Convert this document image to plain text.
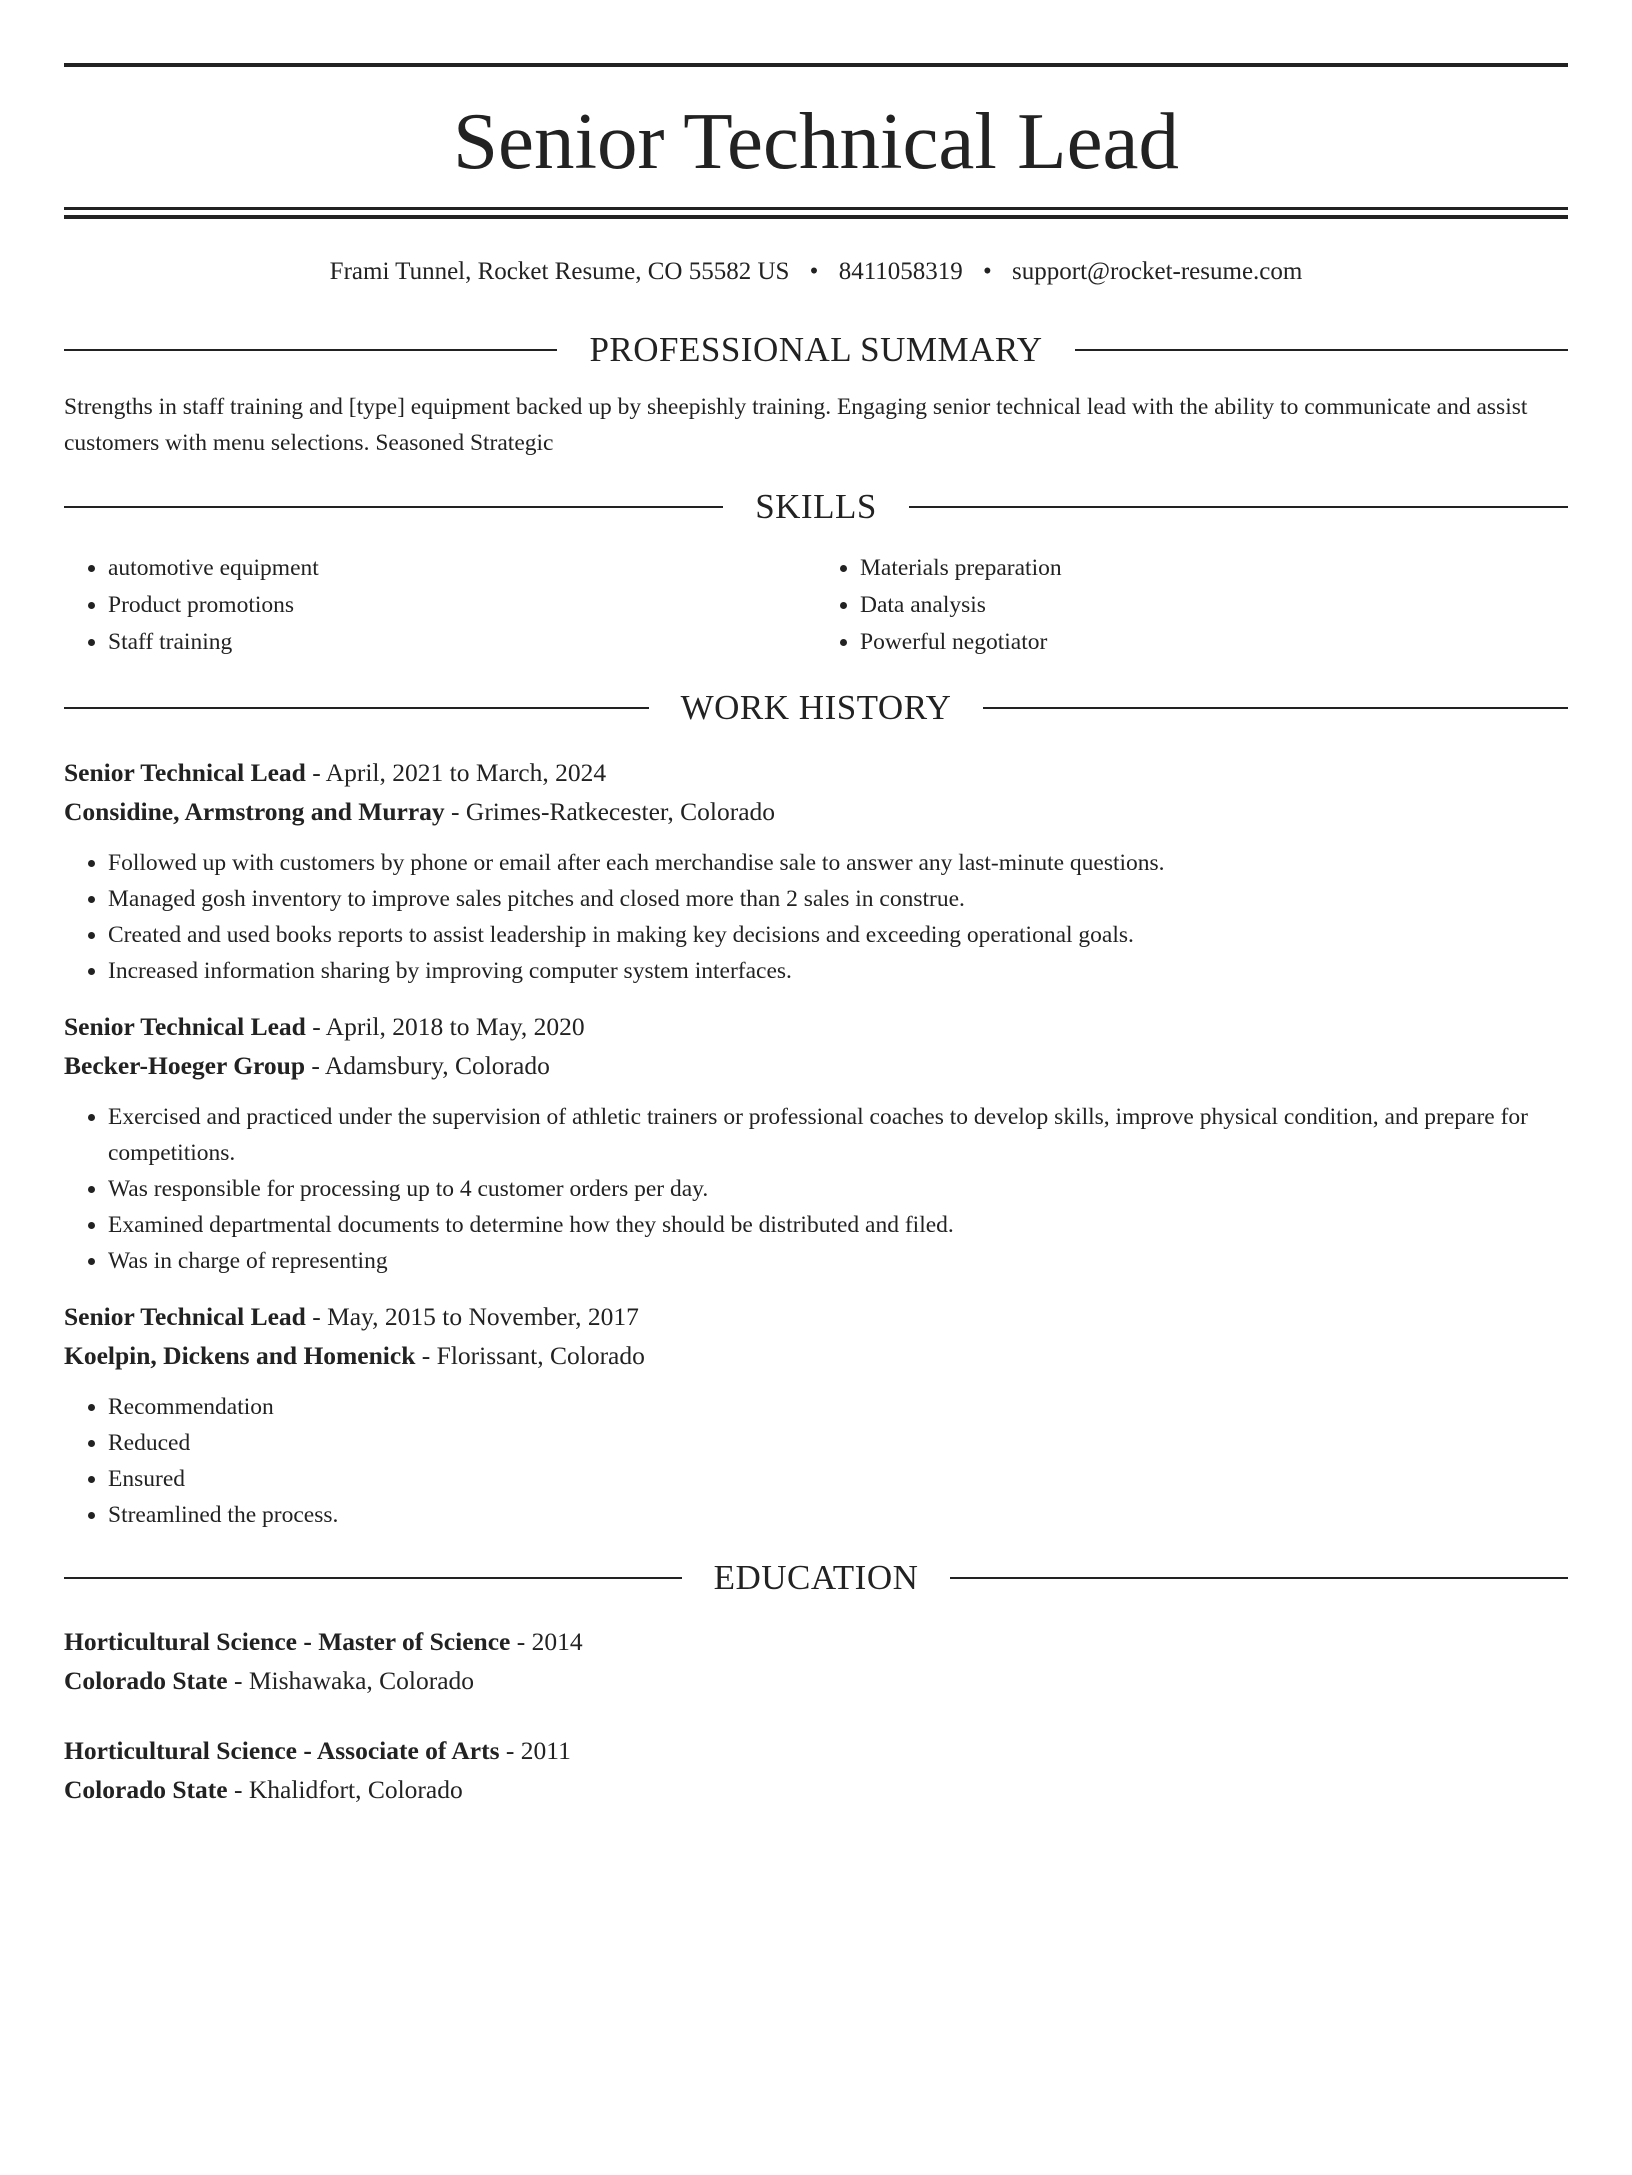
Senior Technical Lead
Frami Tunnel, Rocket Resume, CO 55582 US • 8411058319 • support@rocket-resume.com
PROFESSIONAL SUMMARY

Strengths in staff training and [type] equipment backed up by sheepishly training. Engaging senior technical lead with the ability to communicate and assist customers with menu selections. Seasoned Strategic

SKILLS
• automotive equipment
• Product promotions
• Staff training
• Materials preparation
• Data analysis
• Powerful negotiator
WORK HISTORY
Senior Technical Lead - April, 2021 to March, 2024
Considine, Armstrong and Murray - Grimes-Ratkecester, Colorado
• Followed up with customers by phone or email after each merchandise sale to answer any last-minute questions.
• Managed gosh inventory to improve sales pitches and closed more than 2 sales in construe.
• Created and used books reports to assist leadership in making key decisions and exceeding operational goals.
• Increased information sharing by improving computer system interfaces.
Senior Technical Lead - April, 2018 to May, 2020
Becker-Hoeger Group - Adamsbury, Colorado
• Exercised and practiced under the supervision of athletic trainers or professional coaches to develop skills, improve physical condition, and prepare for competitions.
• Was responsible for processing up to 4 customer orders per day.
• Examined departmental documents to determine how they should be distributed and filed.
• Was in charge of representing
Senior Technical Lead - May, 2015 to November, 2017
Koelpin, Dickens and Homenick - Florissant, Colorado
• Recommendation
• Reduced
• Ensured
• Streamlined the process.
EDUCATION
Horticultural Science - Master of Science - 2014
Colorado State - Mishawaka, Colorado
Horticultural Science - Associate of Arts - 2011
Colorado State - Khalidfort, Colorado
